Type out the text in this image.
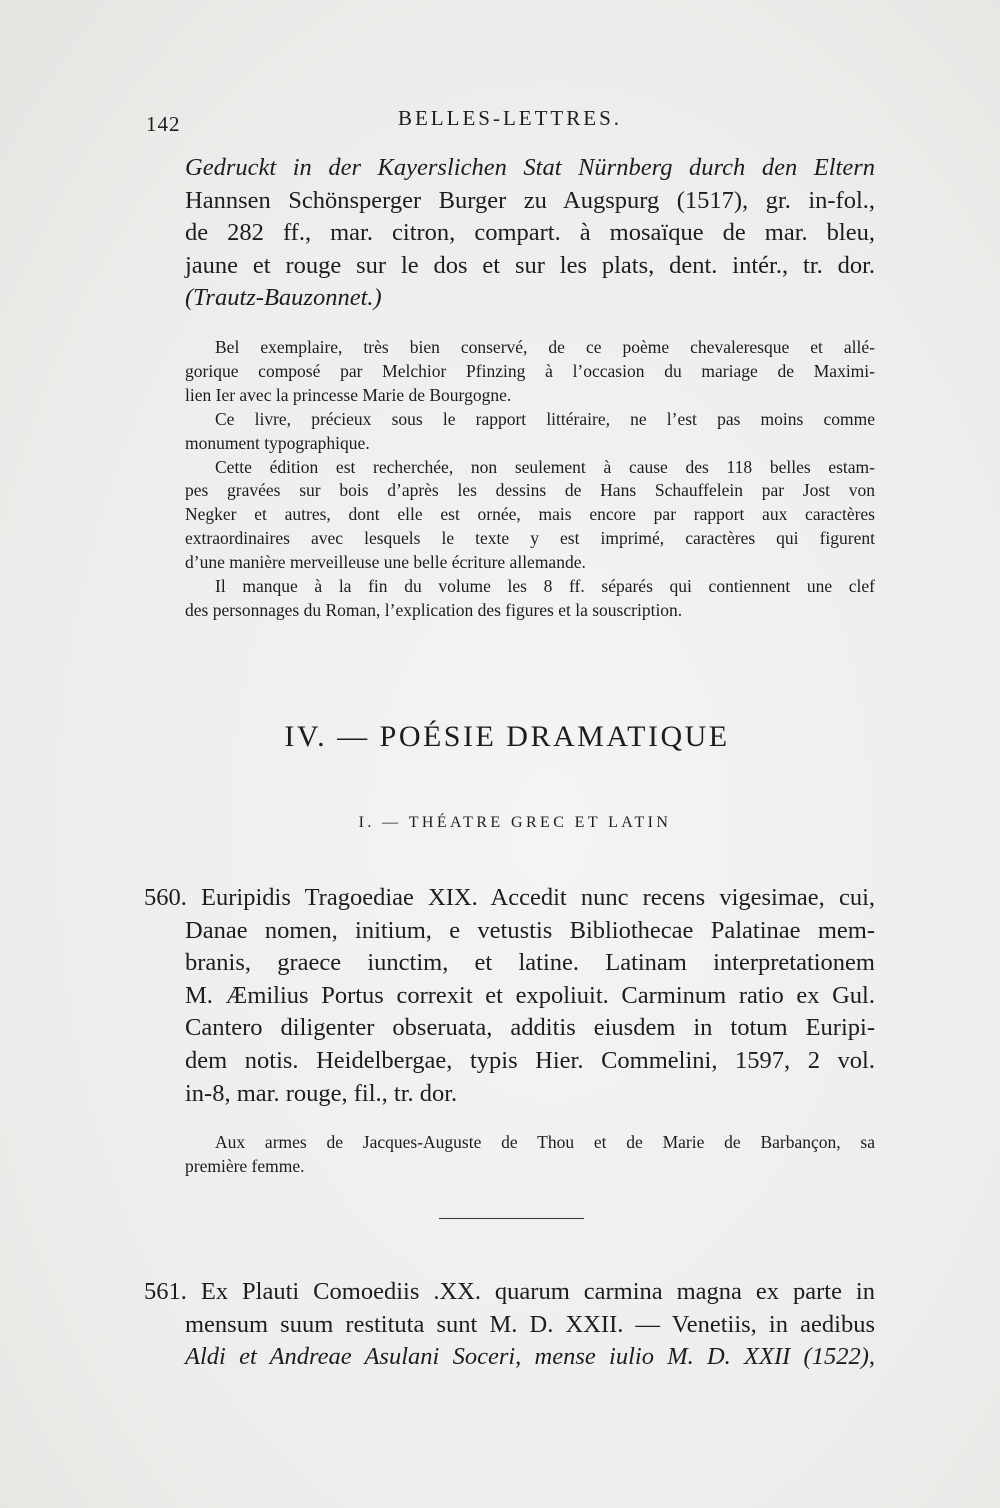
142	BELLES-LETTRES.
Gedruckt in der Kayerslichen Stat Nürnberg durch den Eltern
Hannsen Schönsperger Burger zu Augspurg (1517), gr. in-fol.,
de 282 ff., mar. citron, compart. à mosaïque de mar. bleu,
jaune et rouge sur le dos et sur les plats, dent. intér., tr. dor.
(Trautz-Bauzonnet.)
Bel exemplaire, très bien conservé, de ce poème chevaleresque et allé-
gorique composé par Melchior Pfinzing à l’occasion du mariage de Maximi-
lien Ier avec la princesse Marie de Bourgogne.
Ce livre, précieux sous le rapport littéraire, ne l’est pas moins comme
monument typographique.
Cette édition est recherchée, non seulement à cause des 118 belles estam-
pes gravées sur bois d’après les dessins de Hans Schauffelein par Jost von
Negker et autres, dont elle est ornée, mais encore par rapport aux caractères
extraordinaires avec lesquels le texte y est imprimé, caractères qui figurent
d’une manière merveilleuse une belle écriture allemande.
Il manque à la fin du volume les 8 ff. séparés qui contiennent une clef
des personnages du Roman, l’explication des figures et la souscription.
IV. — POÉSIE DRAMATIQUE
I. — THÉATRE GREC ET LATIN
560. Euripidis Tragoediae XIX. Accedit nunc recens vigesimae, cui,
Danae nomen, initium, e vetustis Bibliothecae Palatinae mem-
branis, graece iunctim, et latine. Latinam interpretationem
M. Æmilius Portus correxit et expoliuit. Carminum ratio ex Gul.
Cantero diligenter obseruata, additis eiusdem in totum Euripi-
dem notis. Heidelbergae, typis Hier. Commelini, 1597, 2 vol.
in-8, mar. rouge, fil., tr. dor.
Aux armes de Jacques-Auguste de Thou et de Marie de Barbançon, sa
première femme.
561. Ex Plauti Comoediis .XX. quarum carmina magna ex parte in
mensum suum restituta sunt M. D. XXII. — Venetiis, in aedibus
Aldi et Andreae Asulani Soceri, mense iulio M. D. XXII (1522),
